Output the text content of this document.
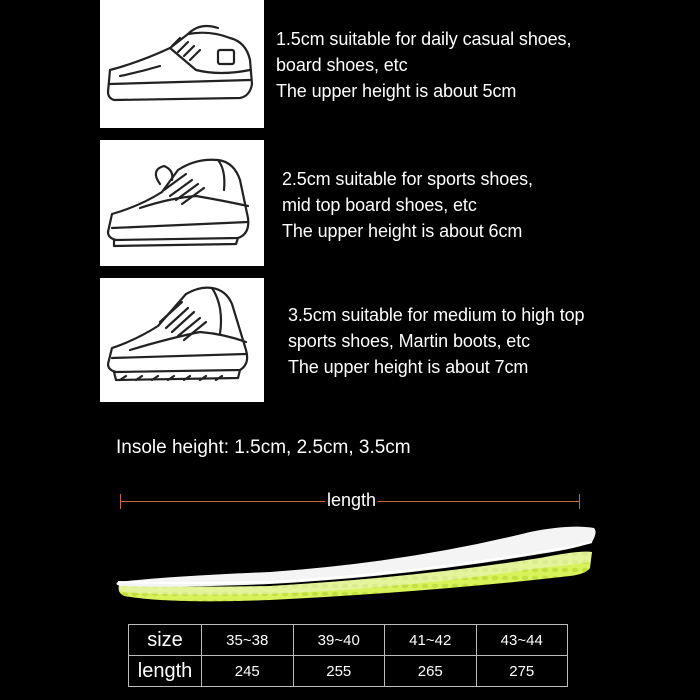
1.5cm suitable for daily casual shoes,
board shoes, etc
The upper height is about 5cm
2.5cm suitable for sports shoes,
mid top board shoes, etc
The upper height is about 6cm
3.5cm suitable for medium to high top
sports shoes, Martin boots, etc
The upper height is about 7cm
Insole height: 1.5cm, 2.5cm, 3.5cm
length
size	35~38	39~40	41~42	43~44
length	245	255	265	275
